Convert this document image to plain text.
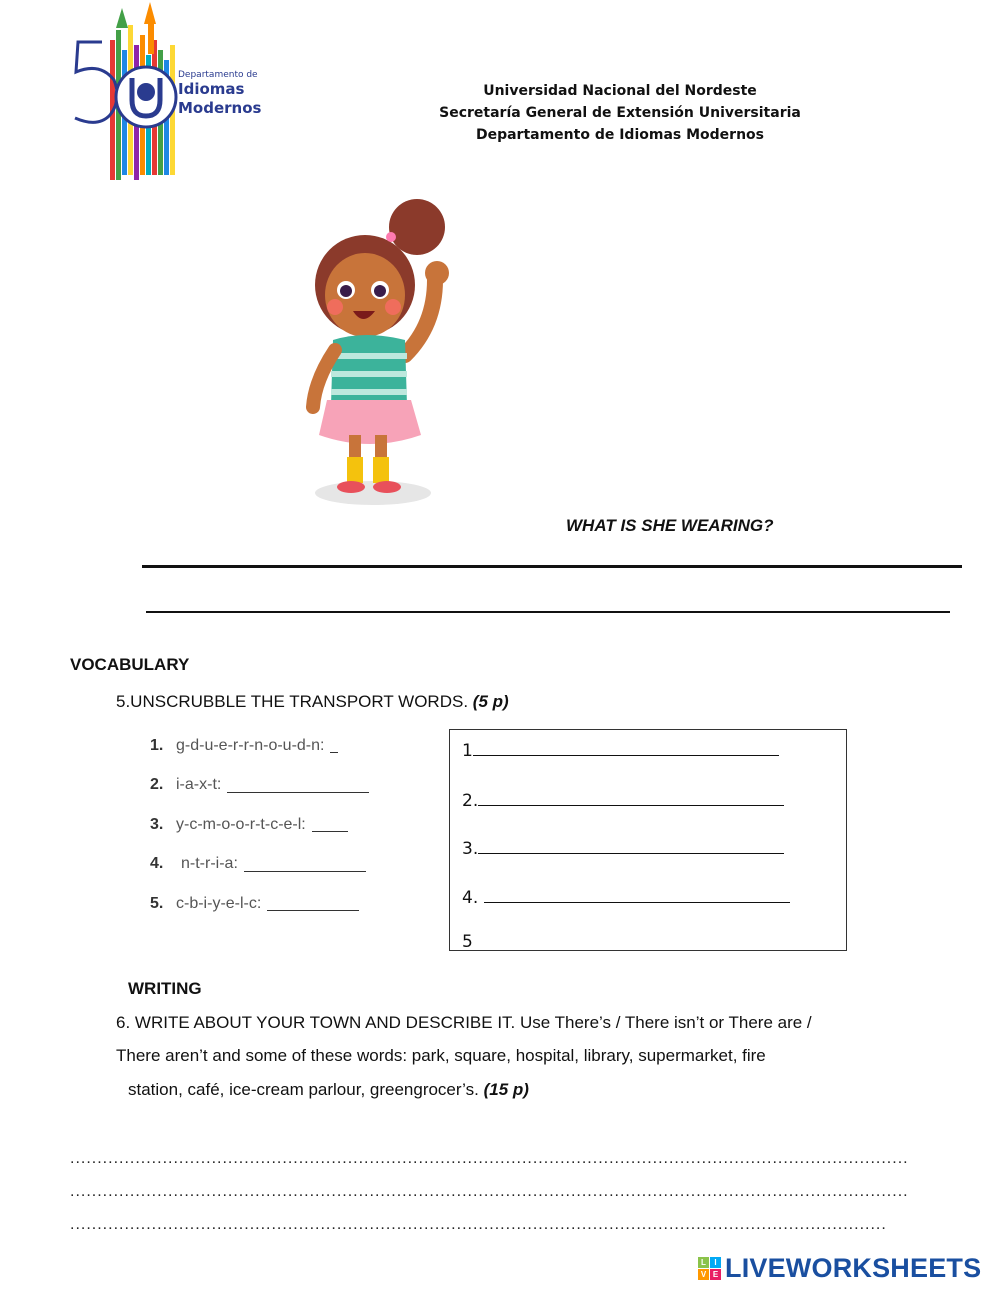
Departamento de
Idiomas
Modernos
Universidad Nacional del Nordeste
Secretaría General de Extensión Universitaria
Departamento de Idiomas Modernos
WHAT IS SHE WEARING?
VOCABULARY
5.UNSCRUBBLE THE TRANSPORT WORDS. (5 p)
1. g-d-u-e-r-r-n-o-u-d-n:
2. i-a-x-t:
3. y-c-m-o-o-r-t-c-e-l:
4.	n-t-r-i-a:
5. c-b-i-y-e-l-c:
1
2.
3.
4.
5
WRITING
6. WRITE ABOUT YOUR TOWN AND DESCRIBE IT. Use There’s / There isn’t or There are /
There aren’t and some of these words: park, square, hospital, library, supermarket, fire
station, café, ice-cream parlour, greengrocer’s. (15 p)
..........................................................................................................................................................
..........................................................................................................................................................
......................................................................................................................................................
L	I
V E LIVEWORKSHEETS
